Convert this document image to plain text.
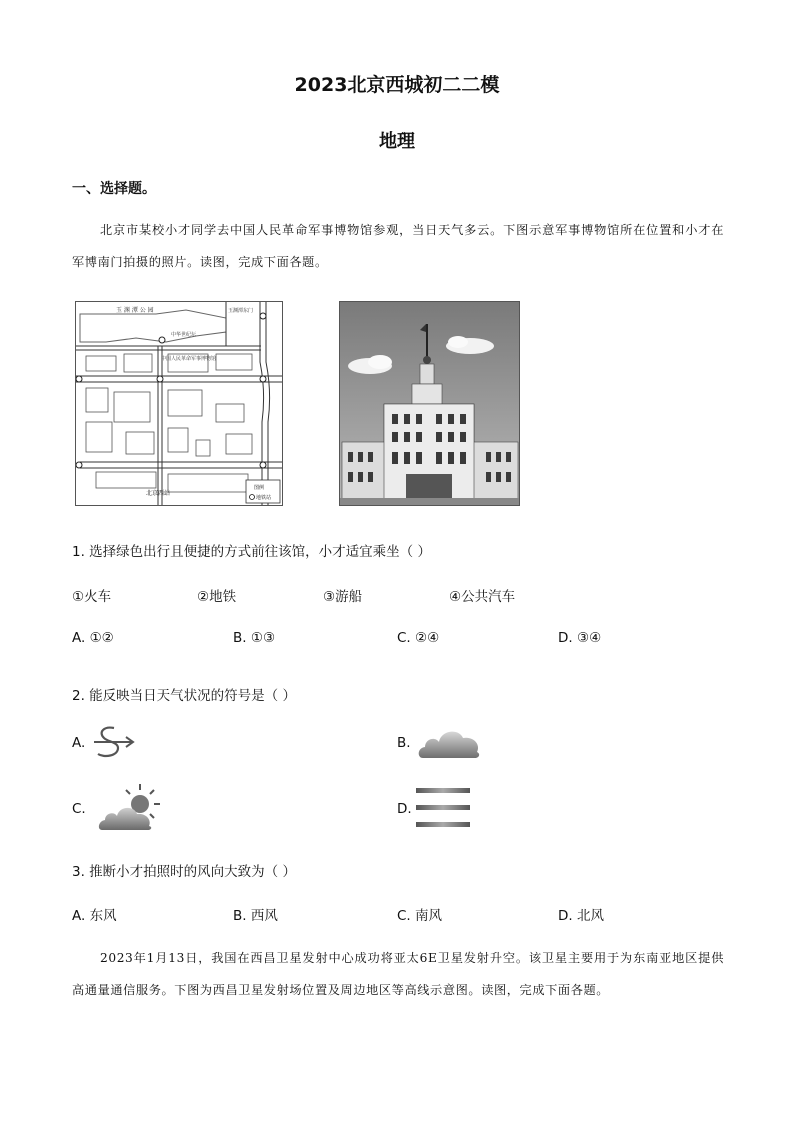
2023北京西城初二二模
地理
一、选择题。
北京市某校小才同学去中国人民革命军事博物馆参观，当日天气多云。下图示意军事博物馆所在位置和小才在军博南门拍摄的照片。读图，完成下面各题。
玉 渊 潭 公 园	玉渊潭东门
中华世纪坛
中国人民革命军事博物馆
北京西站
图例
地铁站
1. 选择绿色出行且便捷的方式前往该馆，小才适宜乘坐（ ）
①火车	②地铁	③游船	④公共汽车
A. ①②	B. ①③	C. ②④	D. ③④
2. 能反映当日天气状况的符号是（ ）
A.	B.
C.	D.
3. 推断小才拍照时的风向大致为（ ）
A. 东风	B. 西风	C. 南风	D. 北风
2023年1月13日，我国在西昌卫星发射中心成功将亚太6E卫星发射升空。该卫星主要用于为东南亚地区提供高通量通信服务。下图为西昌卫星发射场位置及周边地区等高线示意图。读图，完成下面各题。
